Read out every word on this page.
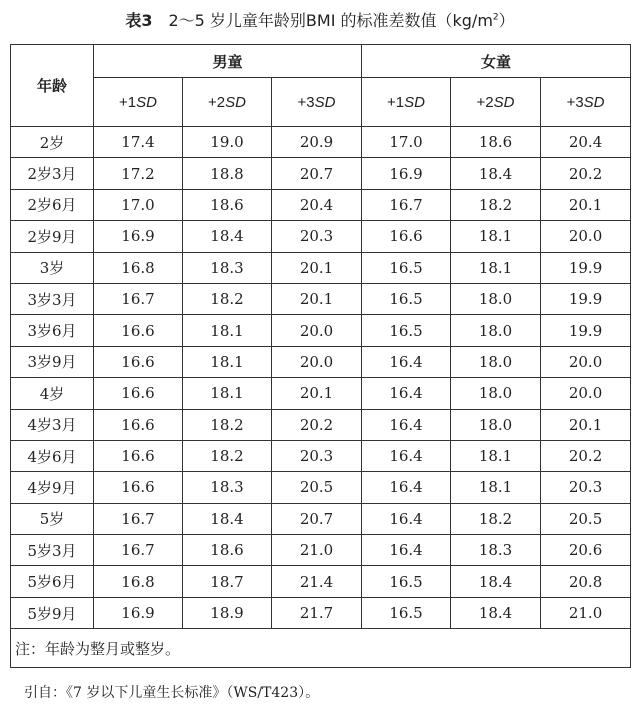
表3 2～5 岁儿童年龄别BMI 的标准差数值$(kg/m^2)$
年龄	男童			女童		
	+1SD	+2SD	+3SD	+1SD	+2SD	+3SD
2岁	17.4	19.0	20.9	17.0	18.6	20.4
2岁3月	17.2	18.8	20.7	16.9	18.4	20.2
2岁6月	17.0	18.6	20.4	16.7	18.2	20.1
2岁9月	16.9	18.4	20.3	16.6	18.1	20.0
3岁	16.8	18.3	20.1	16.5	18.1	19.9
3岁3月	16.7	18.2	20.1	16.5	18.0	19.9
3岁6月	16.6	18.1	20.0	16.5	18.0	19.9
3岁9月	16.6	18.1	20.0	16.4	18.0	20.0
4岁	16.6	18.1	20.1	16.4	18.0	20.0
4岁3月	16.6	18.2	20.2	16.4	18.0	20.1
4岁6月	16.6	18.2	20.3	16.4	18.1	20.2
4岁9月	16.6	18.3	20.5	16.4	18.1	20.3
5岁	16.7	18.4	20.7	16.4	18.2	20.5
5岁3月	16.7	18.6	21.0	16.4	18.3	20.6
5岁6月	16.8	18.7	21.4	16.5	18.4	20.8
5岁9月	16.9	18.9	21.7	16.5	18.4	21.0
注：年龄为整月或整岁。						
引自：《7 岁以下儿童生长标准》（WS/T423）。
